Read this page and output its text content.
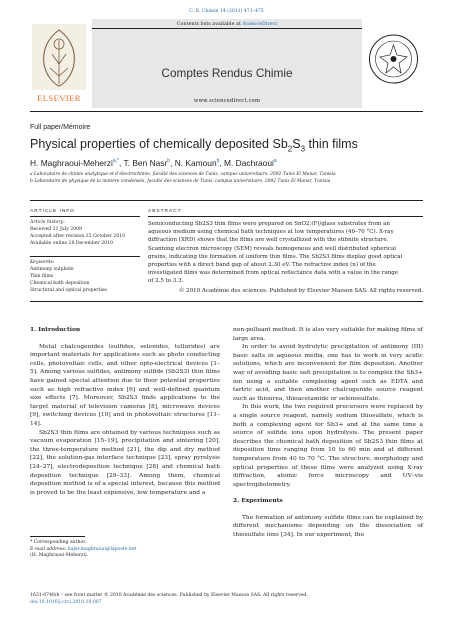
C. R. Chimie 14 (2011) 471–475
ELSEVIER
Contents lists available at ScienceDirect
Comptes Rendus Chimie
www.sciencedirect.com
Full paper/Mémoire
Physical properties of chemically deposited $Sb_2S_3$ thin films
H. Maghraoui-Meherzi$^{a,*}$, T. Ben Nasr$^b$, N. Kamoun$^b$, M. Dachraoui$^a$
a Laboratoire de chimie analytique et d’électrochimie, faculté des sciences de Tunis, campus universitaire, 2092 Tunis El Manar, Tunisia
b Laboratoire de physique de la matière condensée, faculté des sciences de Tunis, campus universitaire, 2092 Tunis El Manar, Tunisia
ARTICLE INFO
Article history:
Received 21 July 2009
Accepted after revision 25 October 2010
Available online 28 December 2010
Keywords:
Antimony sulphide
Thin films
Chemical bath deposition
Structural and optical properties
ABSTRACT
Semiconducting Sb2S3 thin films were prepared on SnO2:(F)/glass substrates from an
aqueous medium using chemical bath techniques at low temperatures (40–70 °C). X-ray
diffraction (XRD) shows that the films are well crystallized with the stibnite structure.
Scanning electron microscopy (SEM) reveals homogenous and well distributed spherical
grains, indicating the formation of uniform thin films. The Sb2S3 films display good optical
properties with a direct band gap of about 2.30 eV. The refractive index (n) of the
investigated films was determined from optical reflectance data with a value in the range
of 2.5 to 3.3.
© 2010 Académie des sciences. Published by Elsevier Masson SAS. All rights reserved.

1. Introduction

Metal chalcogenides (sulfides, selenides, tellurides) are important materials for applications such as photo conducting cells, photovoltaic cells, and other opto-electrical devices [1–5]. Among various sulfides, antimony sulfide (Sb2S3) thin films have gained special attention due to their potential properties such as high refractive index [6] and well-defined quantum size effects [7]. Moreover, Sb2S3 finds applications to the target material of television cameras [8], microwave devices [9], switching devices [10] and in photovoltaic structures [11–14].

Sb2S3 thin films are obtained by various techniques such as vacuum evaporation [15–19], precipitation and sintering [20], the three-temperature method [21], the dip and dry method [22], the solution-gas interface technique [23], spray pyrolysis [24–27], electrodeposition technique [28] and chemical bath deposition technique [29–33]. Among them, chemical deposition method is of a special interest, because this method is proved to be the least expensive, low temperature and a

non-polluant method. It is also very suitable for making films of large area.

In order to avoid hydrolytic precipitation of antimony (III) basic salts in aqueous media, one has to work in very acidic solutions, which are inconvenient for film deposition. Another way of avoiding basic salt precipitation is to complex the Sb3+ ion using a suitable complexing agent such as EDTA and tartric acid, and then another chalcogenide source reagent such as thiourea, thioacetamide or selenosulfate.

In this work, the two required precursors were replaced by a single source reagent, namely sodium thiosulfate, which is both a complexing agent for Sb3+ and at the same time a source of sulfide ions upon hydrolysis. The present paper describes the chemical bath deposition of Sb2S3 thin films at deposition time ranging from 10 to 60 min and at different temperature from 40 to 70 °C. The structure, morphology and optical properties of these films were analyzed using X-ray diffraction, atomic force microscopy and UV–vis spectrophotometry.

2. Experiments

The formation of antimony sulfide films can be explained by different mechanisms depending on the dissociation of thiosulfate ions [34]. In our experiment, the

* Corresponding author.
E-mail address: hajer.maghraoui@laposte.net
(H. Maghraoui-Meherzi).
1631-0748/$ – see front matter © 2010 Académie des sciences. Published by Elsevier Masson SAS. All rights reserved.
doi:10.1016/j.crci.2010.10.007
